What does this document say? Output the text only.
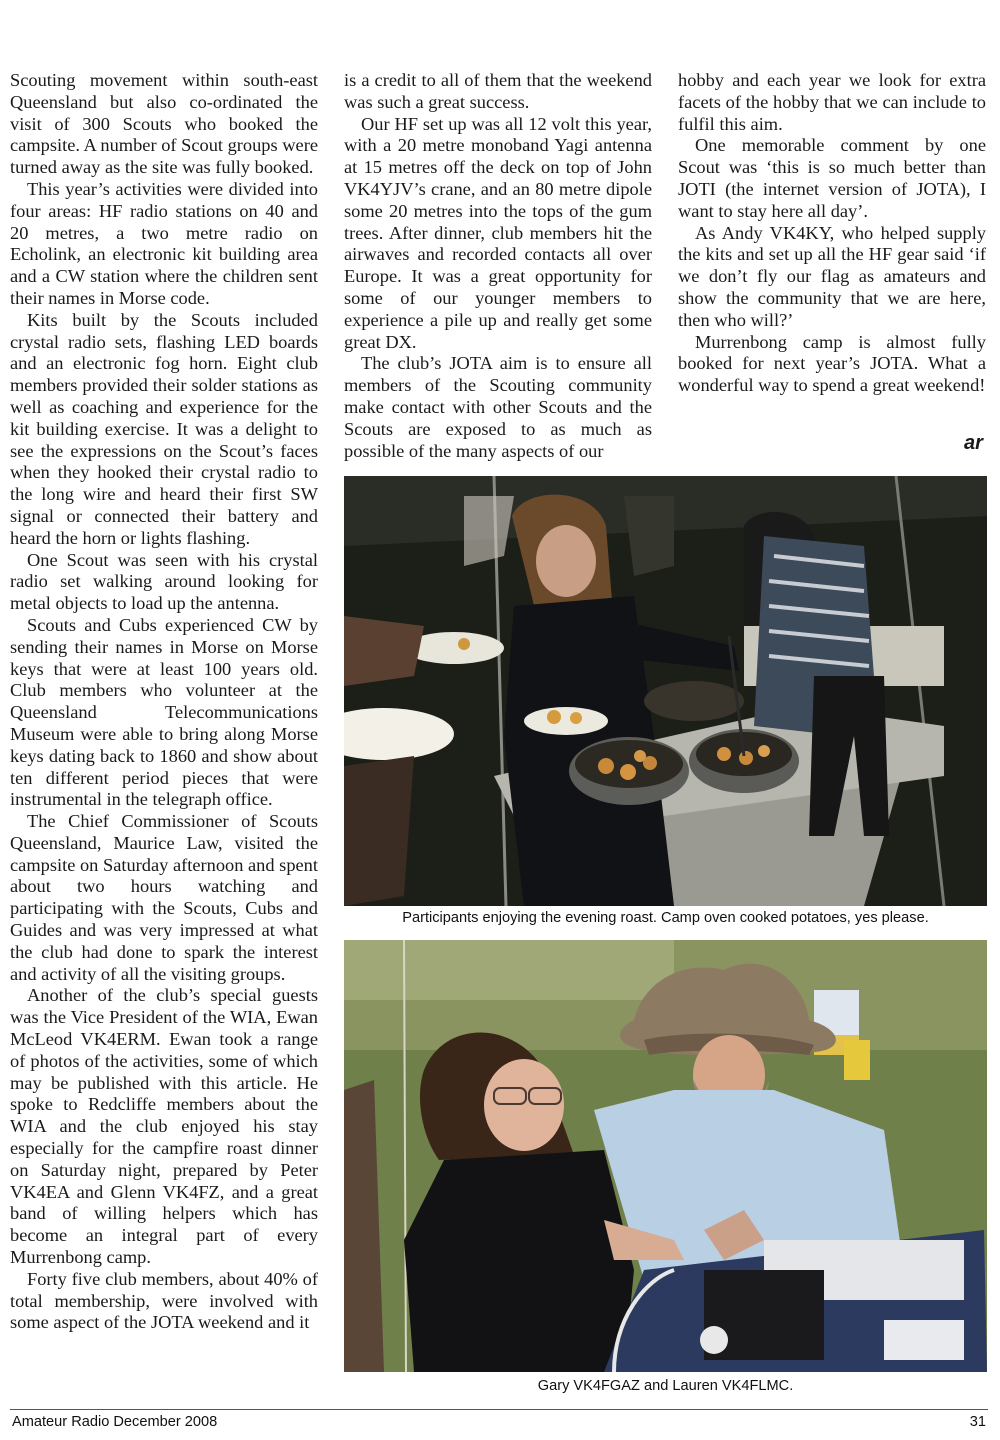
Scouting movement within south-east Queensland but also co-ordinated the visit of 300 Scouts who booked the campsite. A number of Scout groups were turned away as the site was fully booked.

This year’s activities were divided into four areas: HF radio stations on 40 and 20 metres, a two metre radio on Echolink, an electronic kit building area and a CW station where the children sent their names in Morse code.

Kits built by the Scouts included crystal radio sets, flashing LED boards and an electronic fog horn. Eight club members provided their solder stations as well as coaching and experience for the kit building exercise. It was a delight to see the expressions on the Scout’s faces when they hooked their crystal radio to the long wire and heard their first SW signal or connected their battery and heard the horn or lights flashing.

One Scout was seen with his crystal radio set walking around looking for metal objects to load up the antenna.

Scouts and Cubs experienced CW by sending their names in Morse on Morse keys that were at least 100 years old. Club members who volunteer at the Queensland Telecommunications Museum were able to bring along Morse keys dating back to 1860 and show about ten different period pieces that were instrumental in the telegraph office.

The Chief Commissioner of Scouts Queensland, Maurice Law, visited the campsite on Saturday afternoon and spent about two hours watching and participating with the Scouts, Cubs and Guides and was very impressed at what the club had done to spark the interest and activity of all the visiting groups.

Another of the club’s special guests was the Vice President of the WIA, Ewan McLeod VK4ERM. Ewan took a range of photos of the activities, some of which may be published with this article. He spoke to Redcliffe members about the WIA and the club enjoyed his stay especially for the campfire roast dinner on Saturday night, prepared by Peter VK4EA and Glenn VK4FZ, and a great band of willing helpers which has become an integral part of every Murrenbong camp.

Forty five club members, about 40% of total membership, were involved with some aspect of the JOTA weekend and it

is a credit to all of them that the weekend was such a great success.

Our HF set up was all 12 volt this year, with a 20 metre monoband Yagi antenna at 15 metres off the deck on top of John VK4YJV’s crane, and an 80 metre dipole some 20 metres into the tops of the gum trees. After dinner, club members hit the airwaves and recorded contacts all over Europe. It was a great opportunity for some of our younger members to experience a pile up and really get some great DX.

The club’s JOTA aim is to ensure all members of the Scouting community make contact with other Scouts and the Scouts are exposed to as much as possible of the many aspects of our

hobby and each year we look for extra facets of the hobby that we can include to fulfil this aim.

One memorable comment by one Scout was ‘this is so much better than JOTI (the internet version of JOTA), I want to stay here all day’.

As Andy VK4KY, who helped supply the kits and set up all the HF gear said ‘if we don’t fly our flag as amateurs and show the community that we are here, then who will?’

Murrenbong camp is almost fully booked for next year’s JOTA. What a wonderful way to spend a great weekend!

ar
Participants enjoying the evening roast. Camp oven cooked potatoes, yes please.
Gary VK4FGAZ and Lauren VK4FLMC.
Amateur Radio December 2008	31
